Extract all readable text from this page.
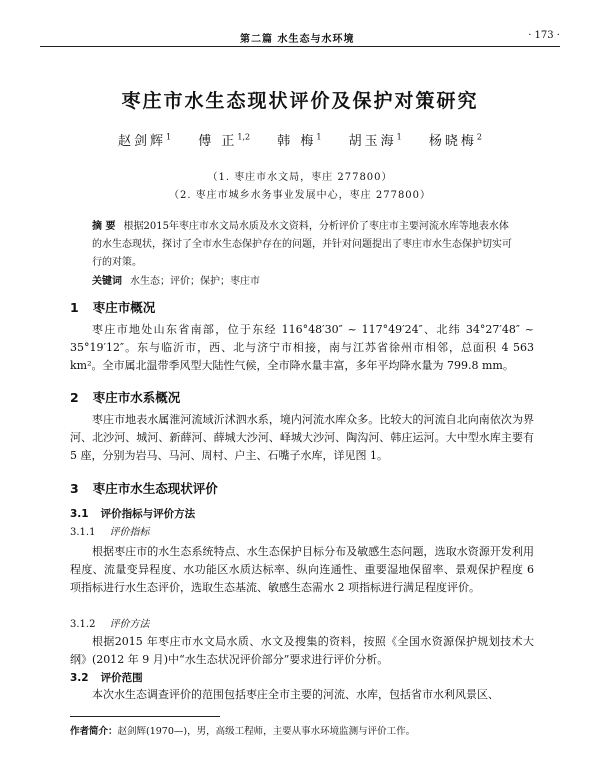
第二篇 水生态与水环境	· 173 ·
枣庄市水生态现状评价及保护对策研究
赵剑辉$^1$ 傅 正$^{1,2}$ 韩 梅$^1$ 胡玉海$^1$ 杨晓梅$^2$
（1. 枣庄市水文局，枣庄 277800）
（2. 枣庄市城乡水务事业发展中心，枣庄 277800）
摘 要 根据2015年枣庄市水文局水质及水文资料，分析评价了枣庄市主要河流水库等地表水体的水生态现状，探讨了全市水生态保护存在的问题，并针对问题提出了枣庄市水生态保护切实可行的对策。
关键词 水生态；评价；保护；枣庄市
1 枣庄市概况
枣庄市地处山东省南部，位于东经 116°48′30″ ~ 117°49′24″、北纬 34°27′48″ ~ 35°19′12″。东与临沂市，西、北与济宁市相接，南与江苏省徐州市相邻，总面积 4 563 km²。全市属北温带季风型大陆性气候，全市降水量丰富，多年平均降水量为 799.8 mm。
2 枣庄市水系概况
枣庄市地表水属淮河流域沂沭泗水系，境内河流水库众多。比较大的河流自北向南依次为界河、北沙河、城河、新薛河、薛城大沙河、峄城大沙河、陶沟河、韩庄运河。大中型水库主要有 5 座，分别为岩马、马河、周村、户主、石嘴子水库，详见图 1。
3 枣庄市水生态现状评价
3.1 评价指标与评价方法
3.1.1 评价指标
根据枣庄市的水生态系统特点、水生态保护目标分布及敏感生态问题，选取水资源开发利用程度、流量变异程度、水功能区水质达标率、纵向连通性、重要湿地保留率、景观保护程度 6 项指标进行水生态评价，选取生态基流、敏感生态需水 2 项指标进行满足程度评价。
3.1.2 评价方法
根据2015 年枣庄市水文局水质、水文及搜集的资料，按照《全国水资源保护规划技术大纲》(2012 年 9 月)中“水生态状况评价部分”要求进行评价分析。
3.2 评价范围
本次水生态调查评价的范围包括枣庄全市主要的河流、水库，包括省市水利风景区、
作者简介：赵剑辉(1970—)，男，高级工程师，主要从事水环境监测与评价工作。
